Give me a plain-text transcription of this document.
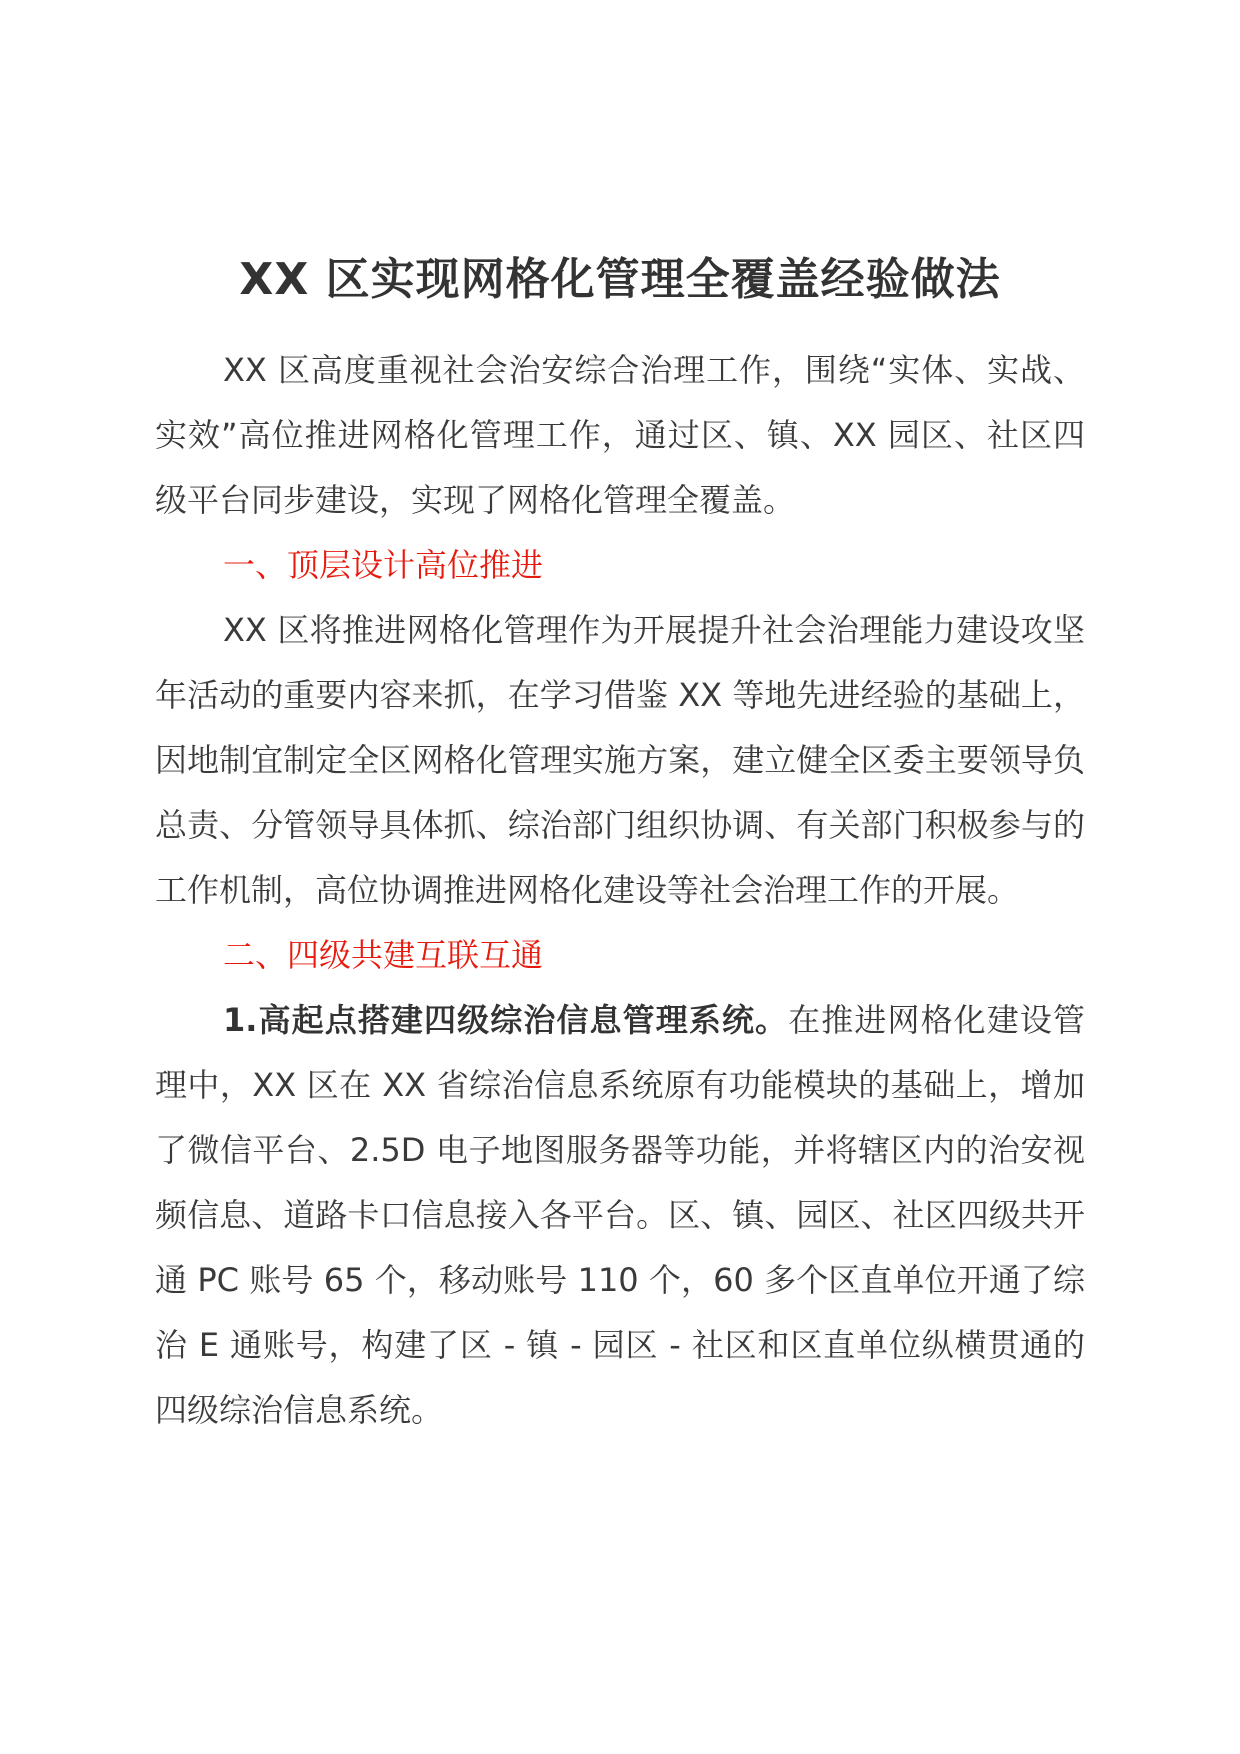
XX 区实现网格化管理全覆盖经验做法

XX 区高度重视社会治安综合治理工作，围绕“实体、实战、实效”高位推进网格化管理工作，通过区、镇、XX 园区、社区四级平台同步建设，实现了网格化管理全覆盖。

一、顶层设计高位推进

XX 区将推进网格化管理作为开展提升社会治理能力建设攻坚年活动的重要内容来抓，在学习借鉴 XX 等地先进经验的基础上，因地制宜制定全区网格化管理实施方案，建立健全区委主要领导负总责、分管领导具体抓、综治部门组织协调、有关部门积极参与的工作机制，高位协调推进网格化建设等社会治理工作的开展。

二、四级共建互联互通

1.高起点搭建四级综治信息管理系统。在推进网格化建设管理中，XX 区在 XX 省综治信息系统原有功能模块的基础上，增加了微信平台、2.5D 电子地图服务器等功能，并将辖区内的治安视频信息、道路卡口信息接入各平台。区、镇、园区、社区四级共开通 PC 账号 65 个，移动账号 110 个，60 多个区直单位开通了综治 E 通账号，构建了区 - 镇 - 园区 - 社区和区直单位纵横贯通的四级综治信息系统。
